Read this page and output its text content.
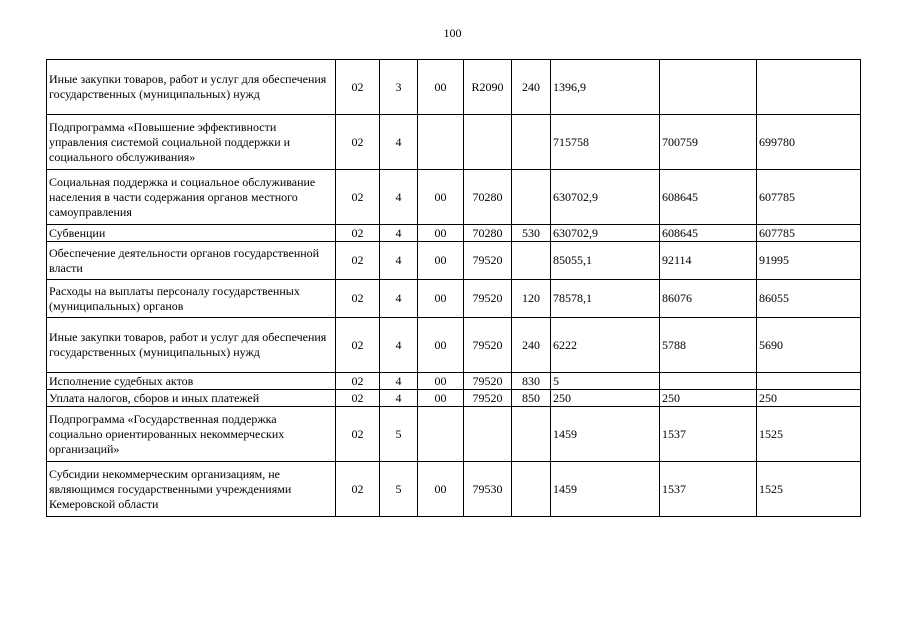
100
Иные закупки товаров, работ и услуг для обеспечения государственных (муниципальных) нужд	02	3	00	R2090	240	1396,9		
Подпрограмма «Повышение эффективности управления системой социальной поддержки и социального обслуживания»	02	4				715758	700759	699780
Социальная поддержка и социальное обслуживание населения в части содержания органов местного самоуправления	02	4	00	70280		630702,9	608645	607785
Субвенции	02	4	00	70280	530	630702,9	608645	607785
Обеспечение деятельности органов государственной власти	02	4	00	79520		85055,1	92114	91995
Расходы на выплаты персоналу государственных (муниципальных) органов	02	4	00	79520	120	78578,1	86076	86055
Иные закупки товаров, работ и услуг для обеспечения государственных (муниципальных) нужд	02	4	00	79520	240	6222	5788	5690
Исполнение судебных актов	02	4	00	79520	830	5		
Уплата налогов, сборов и иных платежей	02	4	00	79520	850	250	250	250
Подпрограмма «Государственная поддержка социально ориентированных некоммерческих организаций»	02	5				1459	1537	1525
Субсидии некоммерческим организациям, не являющимся государственными учреждениями Кемеровской области	02	5	00	79530		1459	1537	1525
